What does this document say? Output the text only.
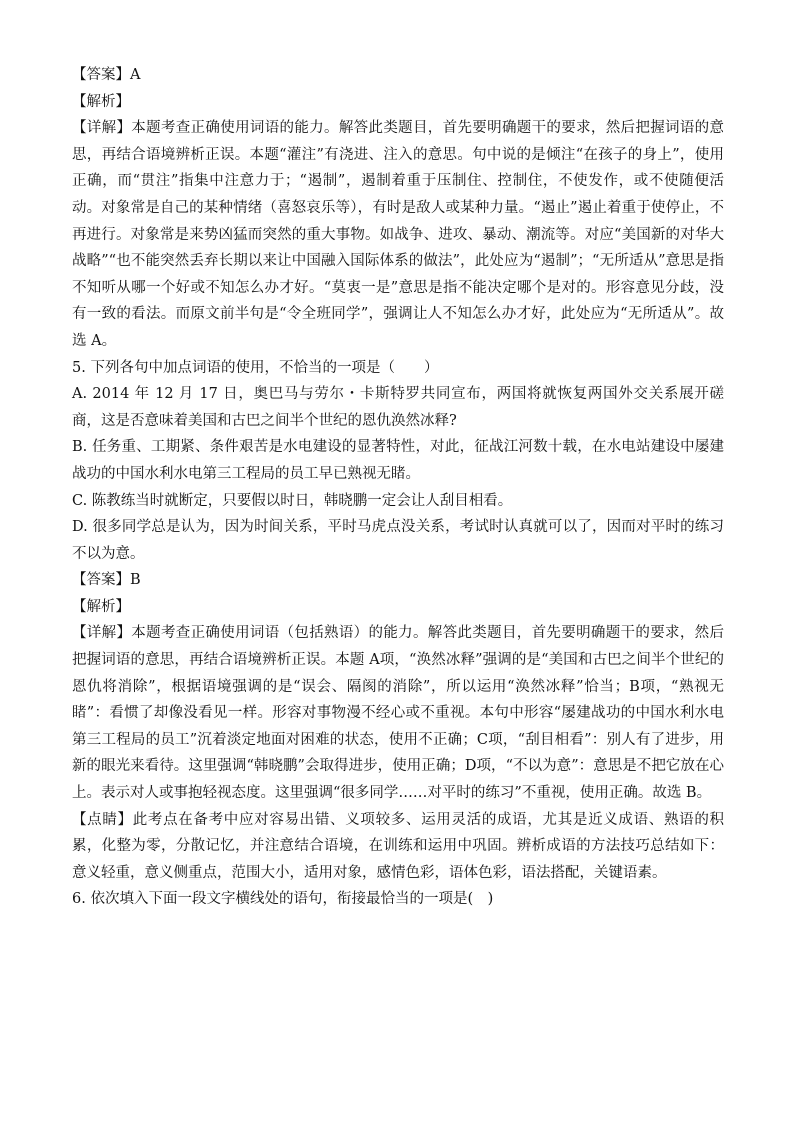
【答案】A

【解析】

【详解】本题考查正确使用词语的能力。解答此类题目，首先要明确题干的要求，然后把握词语的意思，再结合语境辨析正误。本题“灌注”有浇进、注入的意思。句中说的是倾注“在孩子的身上”，使用正确，而“贯注”指集中注意力于；“遏制”，遏制着重于压制住、控制住，不使发作，或不使随便活动。对象常是自己的某种情绪（喜怒哀乐等），有时是敌人或某种力量。“遏止”遏止着重于使停止，不再进行。对象常是来势凶猛而突然的重大事物。如战争、进攻、暴动、潮流等。对应“美国新的对华大战略”“也不能突然丢弃长期以来让中国融入国际体系的做法”，此处应为“遏制”；“无所适从”意思是指不知听从哪一个好或不知怎么办才好。“莫衷一是”意思是指不能决定哪个是对的。形容意见分歧，没有一致的看法。而原文前半句是“令全班同学”，强调让人不知怎么办才好，此处应为“无所适从”。故选 A。

5. 下列各句中加点词语的使用，不恰当的一项是（　　）

A. 2014 年 12 月 17 日，奥巴马与劳尔・卡斯特罗共同宣布，两国将就恢复两国外交关系展开磋商，这是否意味着美国和古巴之间半个世纪的恩仇涣然冰释?

B. 任务重、工期紧、条件艰苦是水电建设的显著特性，对此，征战江河数十载，在水电站建设中屡建战功的中国水利水电第三工程局的员工早已熟视无睹。

C. 陈教练当时就断定，只要假以时日，韩晓鹏一定会让人刮目相看。

D. 很多同学总是认为，因为时间关系，平时马虎点没关系，考试时认真就可以了，因而对平时的练习不以为意。

【答案】B

【解析】

【详解】本题考查正确使用词语（包括熟语）的能力。解答此类题目，首先要明确题干的要求，然后把握词语的意思，再结合语境辨析正误。本题 A项，“涣然冰释”强调的是“美国和古巴之间半个世纪的恩仇将消除”，根据语境强调的是“误会、隔阂的消除”，所以运用“涣然冰释”恰当；B项，“熟视无睹”：看惯了却像没看见一样。形容对事物漫不经心或不重视。本句中形容“屡建战功的中国水利水电第三工程局的员工”沉着淡定地面对困难的状态，使用不正确；C项，“刮目相看”：别人有了进步，用新的眼光来看待。这里强调“韩晓鹏”会取得进步，使用正确；D项，“不以为意”：意思是不把它放在心上。表示对人或事抱轻视态度。这里强调“很多同学……对平时的练习”不重视，使用正确。故选 B。

【点睛】此考点在备考中应对容易出错、义项较多、运用灵活的成语，尤其是近义成语、熟语的积累，化整为零，分散记忆，并注意结合语境，在训练和运用中巩固。辨析成语的方法技巧总结如下：意义轻重，意义侧重点，范围大小，适用对象，感情色彩，语体色彩，语法搭配，关键语素。

6. 依次填入下面一段文字横线处的语句，衔接最恰当的一项是(　)
